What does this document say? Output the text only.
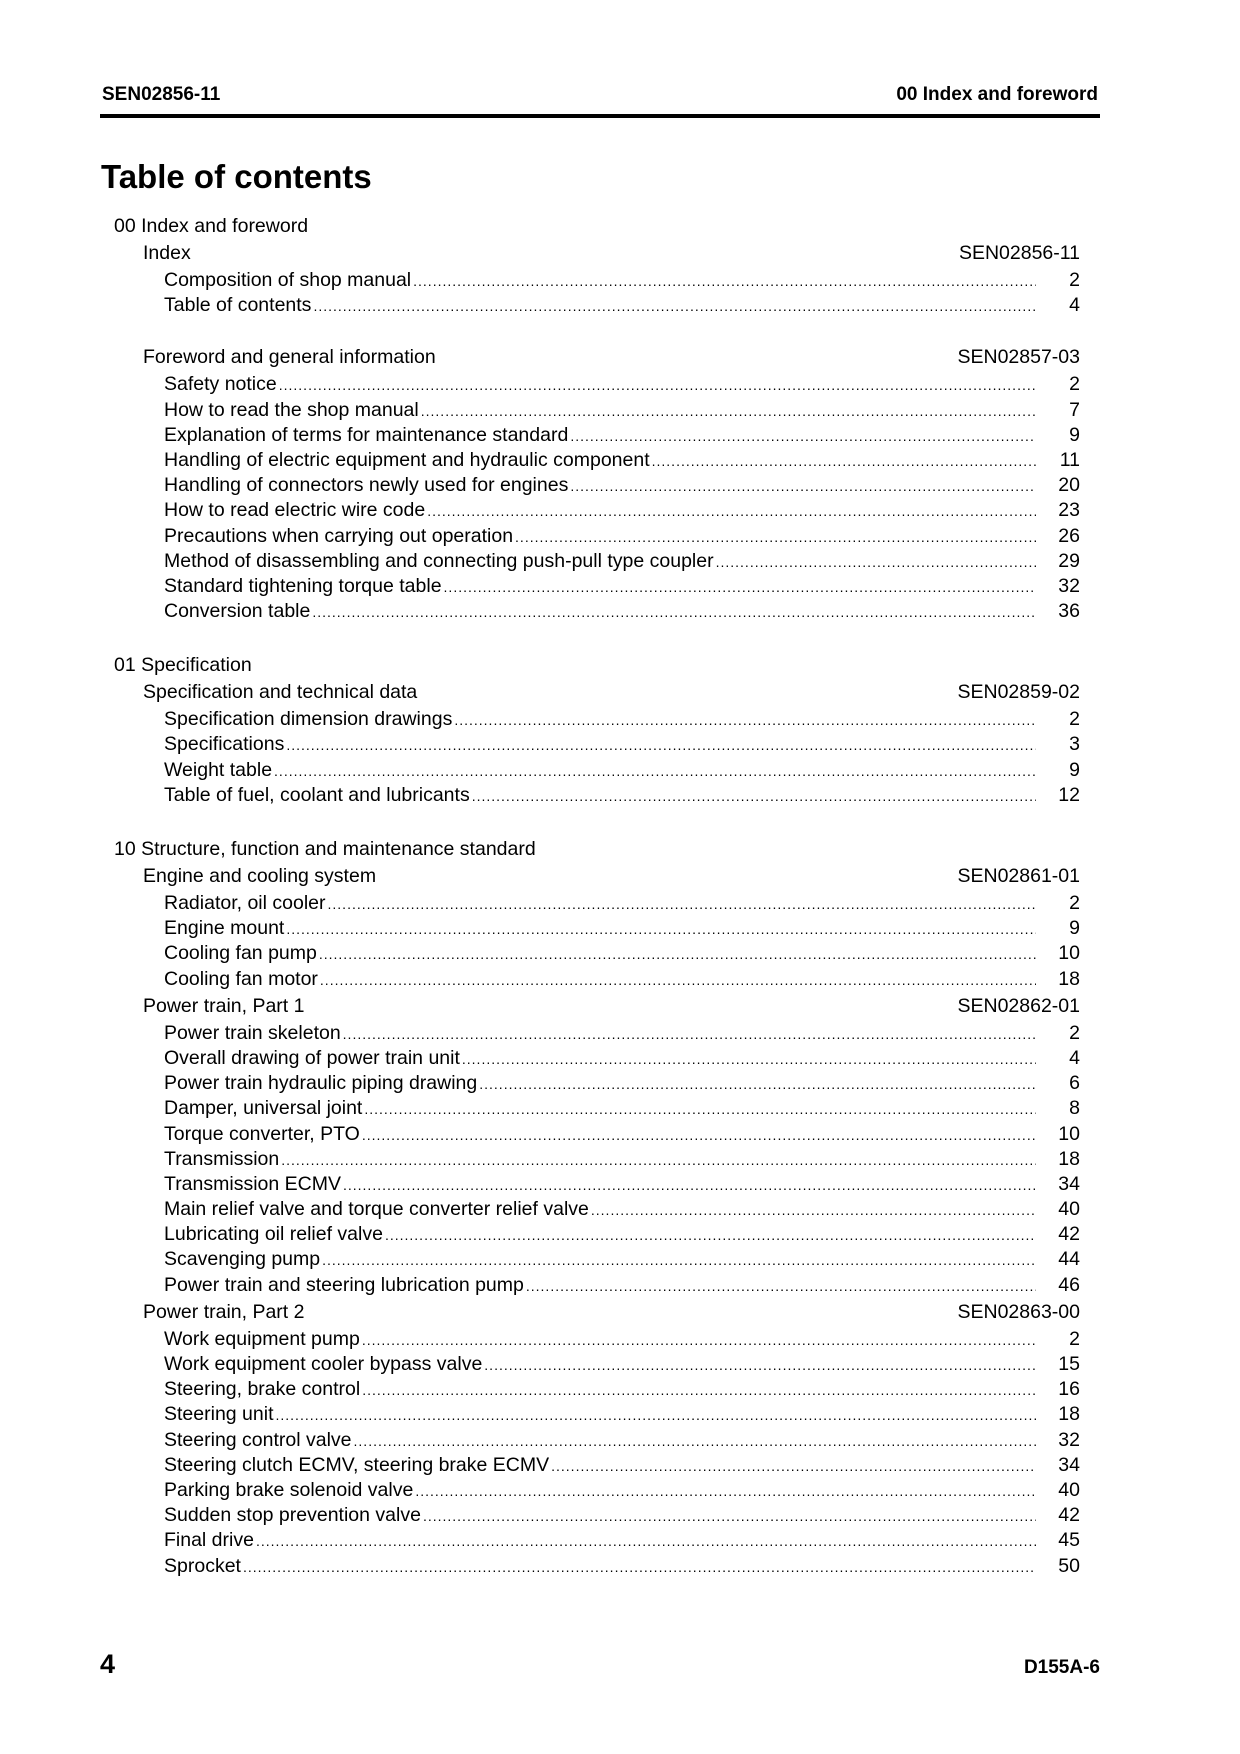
SEN02856-11	00 Index and foreword
Table of contents
00 Index and foreword
Index	SEN02856-11
Composition of shop manual .....	2
Table of contents .....	4
Foreword and general information	SEN02857-03
Safety notice .....	2
How to read the shop manual .....	7
Explanation of terms for maintenance standard .....	9
Handling of electric equipment and hydraulic component .....	11
Handling of connectors newly used for engines .....	20
How to read electric wire code .....	23
Precautions when carrying out operation .....	26
Method of disassembling and connecting push-pull type coupler .....	29
Standard tightening torque table .....	32
Conversion table .....	36
01 Specification
Specification and technical data	SEN02859-02
Specification dimension drawings .....	2
Specifications .....	3
Weight table .....	9
Table of fuel, coolant and lubricants .....	12
10 Structure, function and maintenance standard
Engine and cooling system	SEN02861-01
Radiator, oil cooler .....	2
Engine mount .....	9
Cooling fan pump .....	10
Cooling fan motor .....	18
Power train, Part 1	SEN02862-01
Power train skeleton .....	2
Overall drawing of power train unit .....	4
Power train hydraulic piping drawing .....	6
Damper, universal joint .....	8
Torque converter, PTO .....	10
Transmission .....	18
Transmission ECMV .....	34
Main relief valve and torque converter relief valve .....	40
Lubricating oil relief valve .....	42
Scavenging pump .....	44
Power train and steering lubrication pump .....	46
Power train, Part 2	SEN02863-00
Work equipment pump .....	2
Work equipment cooler bypass valve .....	15
Steering, brake control .....	16
Steering unit .....	18
Steering control valve .....	32
Steering clutch ECMV, steering brake ECMV .....	34
Parking brake solenoid valve .....	40
Sudden stop prevention valve .....	42
Final drive .....	45
Sprocket .....	50
4	D155A-6
